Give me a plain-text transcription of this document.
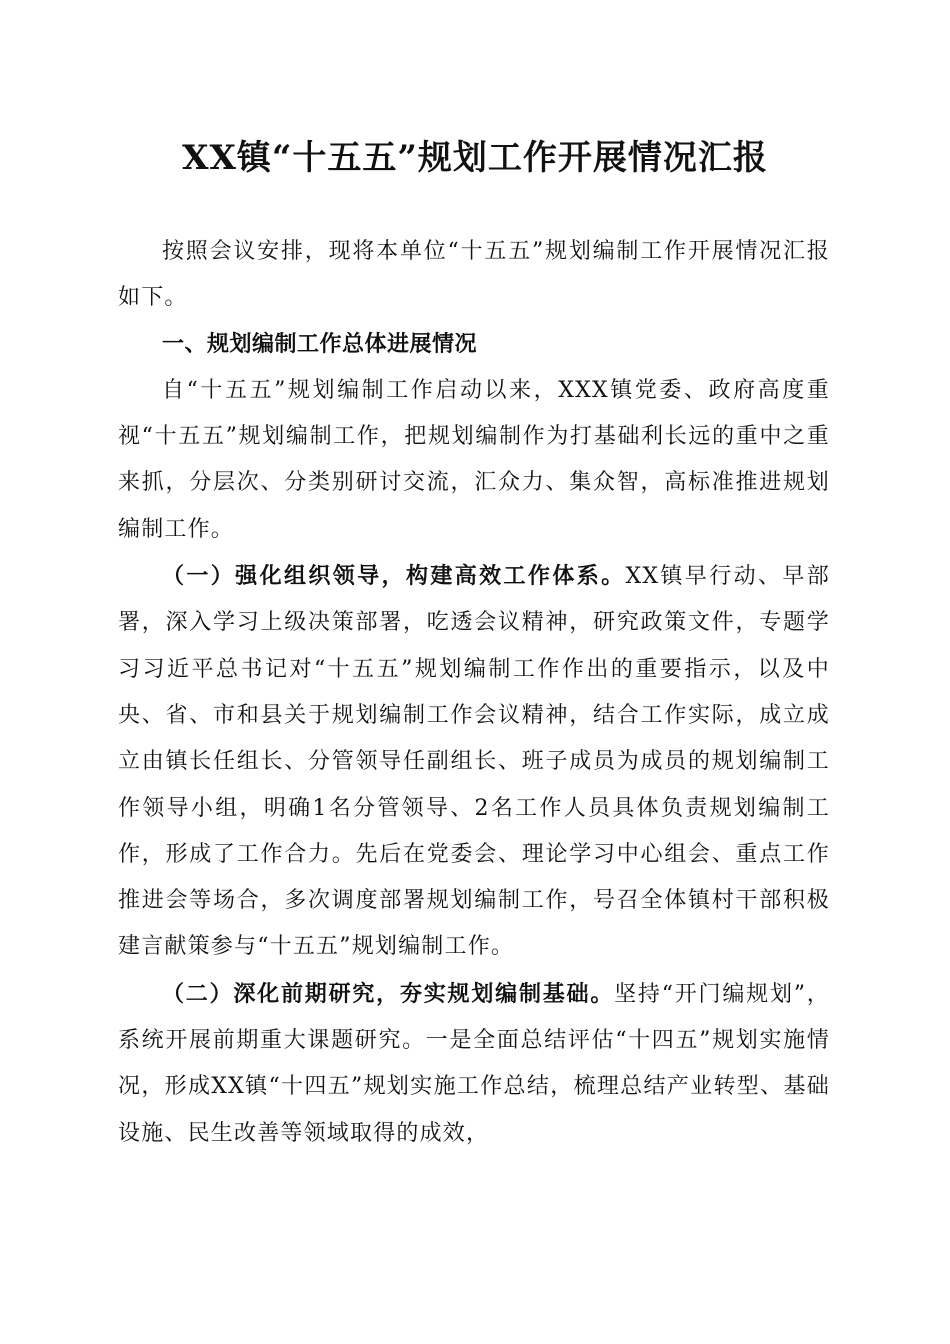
XX镇“十五五”规划工作开展情况汇报

按照会议安排，现将本单位“十五五”规划编制工作开展情况汇报如下。

一、规划编制工作总体进展情况

自“十五五”规划编制工作启动以来，XXX镇党委、政府高度重视“十五五”规划编制工作，把规划编制作为打基础利长远的重中之重来抓，分层次、分类别研讨交流，汇众力、集众智，高标准推进规划编制工作。

（一）强化组织领导，构建高效工作体系。XX镇早行动、早部署，深入学习上级决策部署，吃透会议精神，研究政策文件，专题学习习近平总书记对“十五五”规划编制工作作出的重要指示，以及中央、省、市和县关于规划编制工作会议精神，结合工作实际，成立成立由镇长任组长、分管领导任副组长、班子成员为成员的规划编制工作领导小组，明确1名分管领导、2名工作人员具体负责规划编制工作，形成了工作合力。先后在党委会、理论学习中心组会、重点工作推进会等场合，多次调度部署规划编制工作，号召全体镇村干部积极建言献策参与“十五五”规划编制工作。

（二）深化前期研究，夯实规划编制基础。坚持“开门编规划”，系统开展前期重大课题研究。一是全面总结评估“十四五”规划实施情况，形成XX镇“十四五”规划实施工作总结，梳理总结产业转型、基础设施、民生改善等领域取得的成效，
